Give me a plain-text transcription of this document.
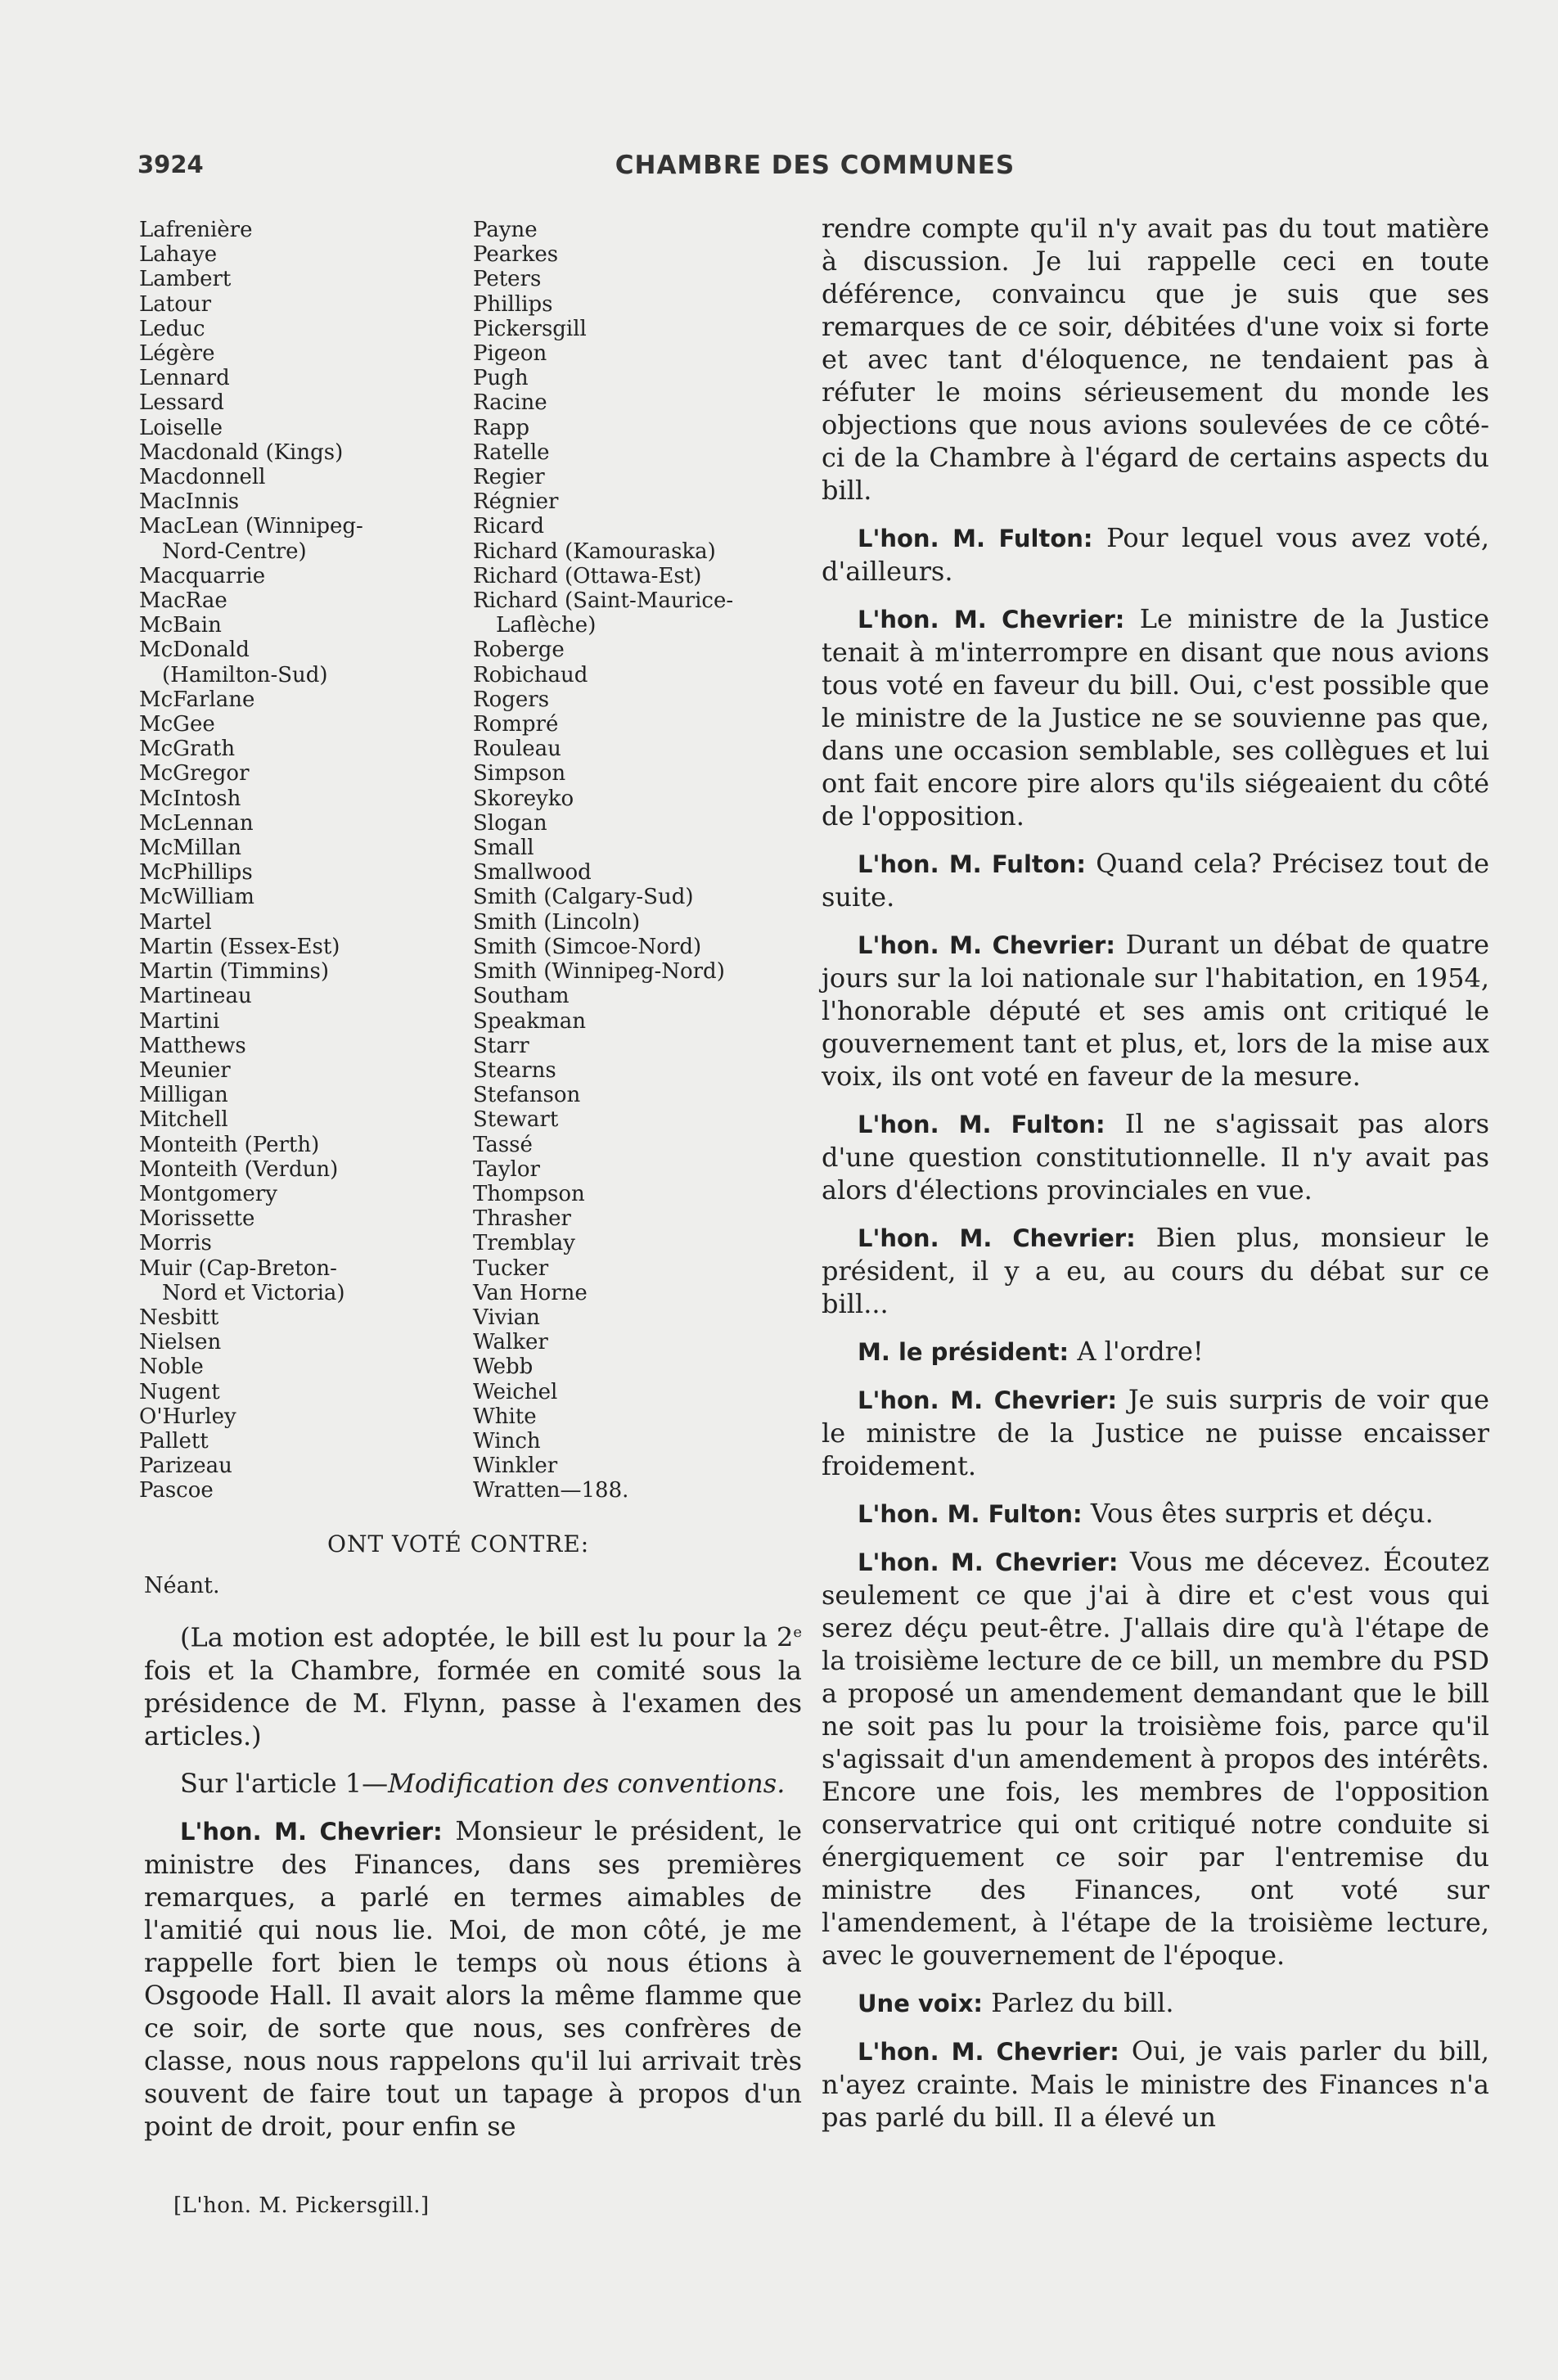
3924	CHAMBRE DES COMMUNES
Lafrenière
Lahaye
Lambert
Latour
Leduc
Légère
Lennard
Lessard
Loiselle
Macdonald (Kings)
Macdonnell
MacInnis
MacLean (Winnipeg-
Nord-Centre)
Macquarrie
MacRae
McBain
McDonald
(Hamilton-Sud)
McFarlane
McGee
McGrath
McGregor
McIntosh
McLennan
McMillan
McPhillips
McWilliam
Martel
Martin (Essex-Est)
Martin (Timmins)
Martineau
Martini
Matthews
Meunier
Milligan
Mitchell
Monteith (Perth)
Monteith (Verdun)
Montgomery
Morissette
Morris
Muir (Cap-Breton-
Nord et Victoria)
Nesbitt
Nielsen
Noble
Nugent
O'Hurley
Pallett
Parizeau
Pascoe
Payne
Pearkes
Peters
Phillips
Pickersgill
Pigeon
Pugh
Racine
Rapp
Ratelle
Regier
Régnier
Ricard
Richard (Kamouraska)
Richard (Ottawa-Est)
Richard (Saint-Maurice-
Laflèche)
Roberge
Robichaud
Rogers
Rompré
Rouleau
Simpson
Skoreyko
Slogan
Small
Smallwood
Smith (Calgary-Sud)
Smith (Lincoln)
Smith (Simcoe-Nord)
Smith (Winnipeg-Nord)
Southam
Speakman
Starr
Stearns
Stefanson
Stewart
Tassé
Taylor
Thompson
Thrasher
Tremblay
Tucker
Van Horne
Vivian
Walker
Webb
Weichel
White
Winch
Winkler
Wratten—188.
ONT VOTÉ CONTRE:
Néant.

(La motion est adoptée, le bill est lu pour la 2e fois et la Chambre, formée en comité sous la présidence de M. Flynn, passe à l'examen des articles.)

Sur l'article 1—Modification des conventions.

L'hon. M. Chevrier: Monsieur le président, le ministre des Finances, dans ses premières remarques, a parlé en termes aimables de l'amitié qui nous lie. Moi, de mon côté, je me rappelle fort bien le temps où nous étions à Osgoode Hall. Il avait alors la même flamme que ce soir, de sorte que nous, ses confrères de classe, nous nous rappelons qu'il lui arrivait très souvent de faire tout un tapage à propos d'un point de droit, pour enfin se

rendre compte qu'il n'y avait pas du tout matière à discussion. Je lui rappelle ceci en toute déférence, convaincu que je suis que ses remarques de ce soir, débitées d'une voix si forte et avec tant d'éloquence, ne tendaient pas à réfuter le moins sérieusement du monde les objections que nous avions soulevées de ce côté-ci de la Chambre à l'égard de certains aspects du bill.

L'hon. M. Fulton: Pour lequel vous avez voté, d'ailleurs.

L'hon. M. Chevrier: Le ministre de la Justice tenait à m'interrompre en disant que nous avions tous voté en faveur du bill. Oui, c'est possible que le ministre de la Justice ne se souvienne pas que, dans une occasion semblable, ses collègues et lui ont fait encore pire alors qu'ils siégeaient du côté de l'opposition.

L'hon. M. Fulton: Quand cela? Précisez tout de suite.

L'hon. M. Chevrier: Durant un débat de quatre jours sur la loi nationale sur l'habitation, en 1954, l'honorable député et ses amis ont critiqué le gouvernement tant et plus, et, lors de la mise aux voix, ils ont voté en faveur de la mesure.

L'hon. M. Fulton: Il ne s'agissait pas alors d'une question constitutionnelle. Il n'y avait pas alors d'élections provinciales en vue.

L'hon. M. Chevrier: Bien plus, monsieur le président, il y a eu, au cours du débat sur ce bill...

M. le président: A l'ordre!

L'hon. M. Chevrier: Je suis surpris de voir que le ministre de la Justice ne puisse encaisser froidement.

L'hon. M. Fulton: Vous êtes surpris et déçu.

L'hon. M. Chevrier: Vous me décevez. Écoutez seulement ce que j'ai à dire et c'est vous qui serez déçu peut-être. J'allais dire qu'à l'étape de la troisième lecture de ce bill, un membre du PSD a proposé un amendement demandant que le bill ne soit pas lu pour la troisième fois, parce qu'il s'agissait d'un amendement à propos des intérêts. Encore une fois, les membres de l'opposition conservatrice qui ont critiqué notre conduite si énergiquement ce soir par l'entremise du ministre des Finances, ont voté sur l'amendement, à l'étape de la troisième lecture, avec le gouvernement de l'époque.

Une voix: Parlez du bill.

L'hon. M. Chevrier: Oui, je vais parler du bill, n'ayez crainte. Mais le ministre des Finances n'a pas parlé du bill. Il a élevé un

[L'hon. M. Pickersgill.]
